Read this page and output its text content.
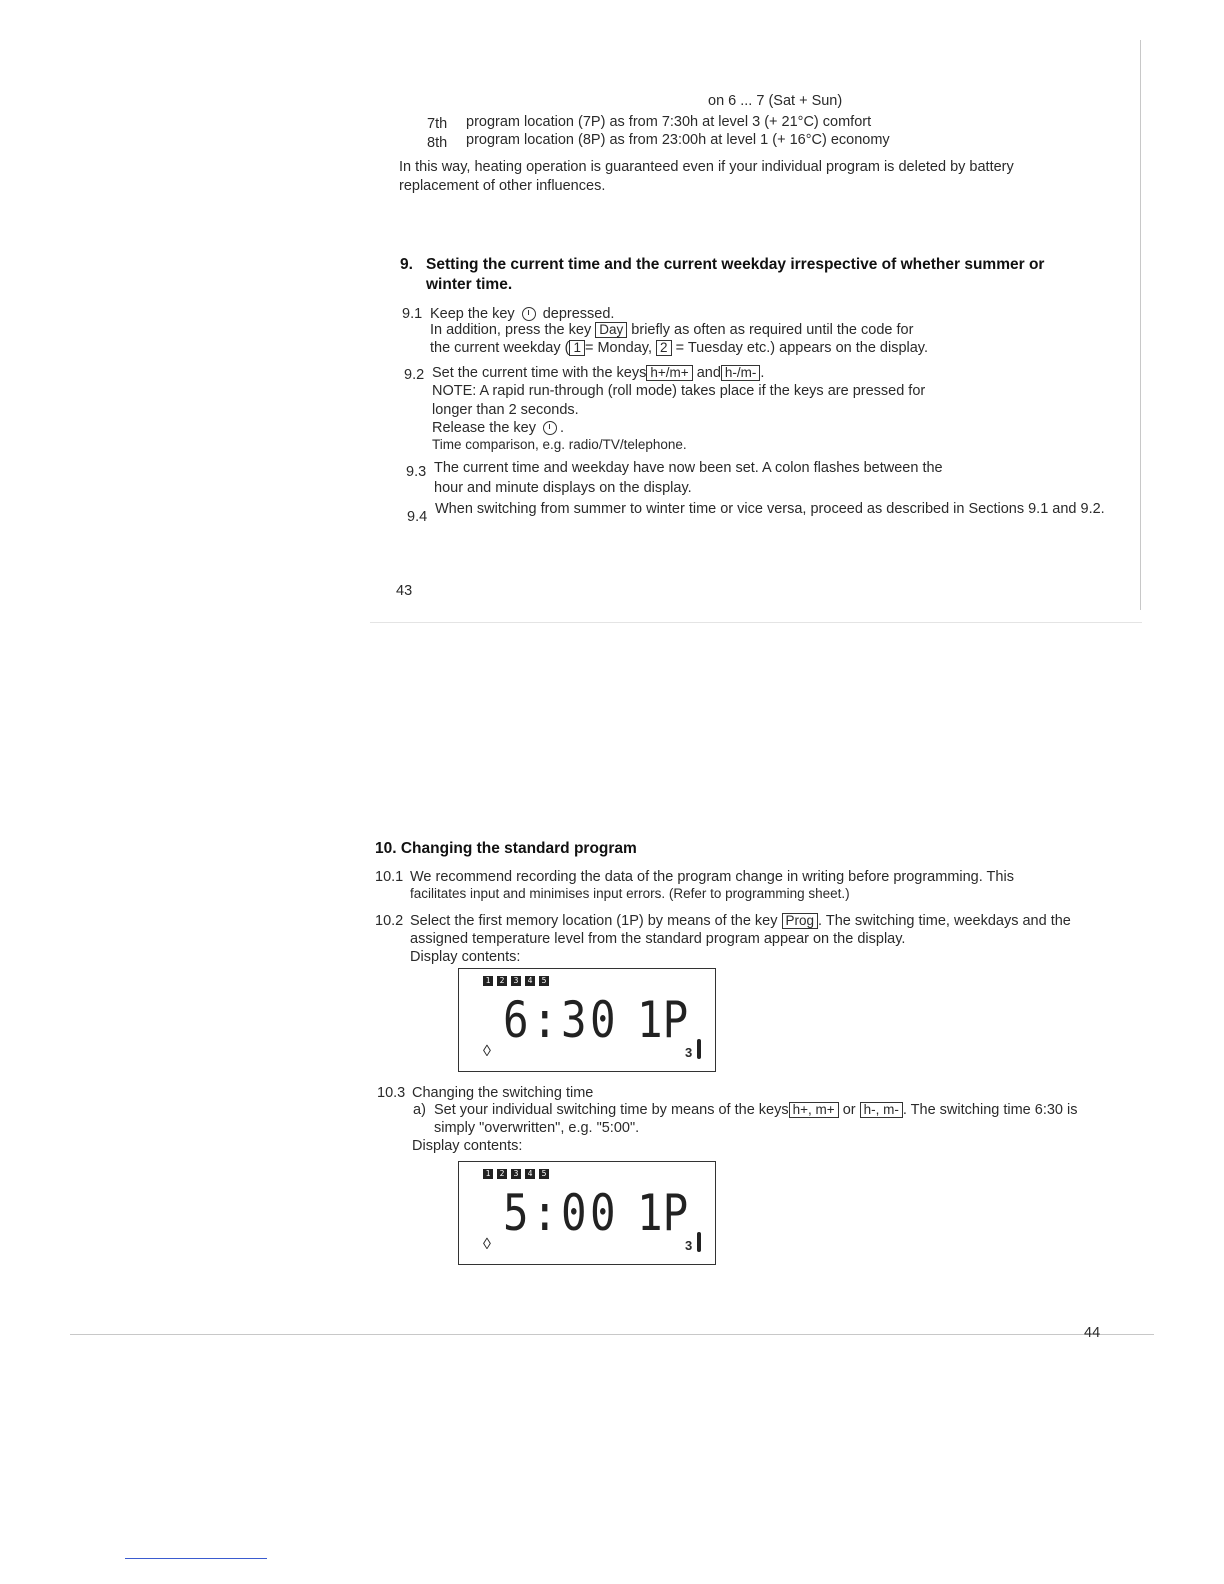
on 6 ... 7 (Sat + Sun)
7th program location (7P) as from 7:30h at level 3 (+ 21°C) comfort
8th program location (8P) as from 23:00h at level 1 (+ 16°C) economy
In this way, heating operation is guaranteed even if your individual program is deleted by battery
replacement of other influences.
9. Setting the current time and the current weekday irrespective of whether summer or
winter time.
9.1 Keep the key depressed.
In addition, press the key Day briefly as often as required until the code for
the current weekday ( 1 = Monday, 2 = Tuesday etc.) appears on the display.
9.2 Set the current time with the keys h+/m+ and h-/m- .
NOTE: A rapid run-through (roll mode) takes place if the keys are pressed for
longer than 2 seconds.
Release the key .
Time comparison, e.g. radio/TV/telephone.
9.3 The current time and weekday have now been set. A colon flashes between the
hour and minute displays on the display.
9.4 When switching from summer to winter time or vice versa, proceed as described in Sections 9.1 and 9.2.
43
10. Changing the standard program
10.1 We recommend recording the data of the program change in writing before programming. This
facilitates input and minimises input errors. (Refer to programming sheet.)
10.2 Select the first memory location (1P) by means of the key Prog . The switching time, weekdays and the
assigned temperature level from the standard program appear on the display.
Display contents:
1	2	3	4	5
6:30 1P
◊	3
10.3 Changing the switching time
a) Set your individual switching time by means of the keys h+, m+ or h-, m- . The switching time 6:30 is
simply "overwritten", e.g. "5:00".
Display contents:
1	2	3	4	5
5:00 1P
◊	3
44
